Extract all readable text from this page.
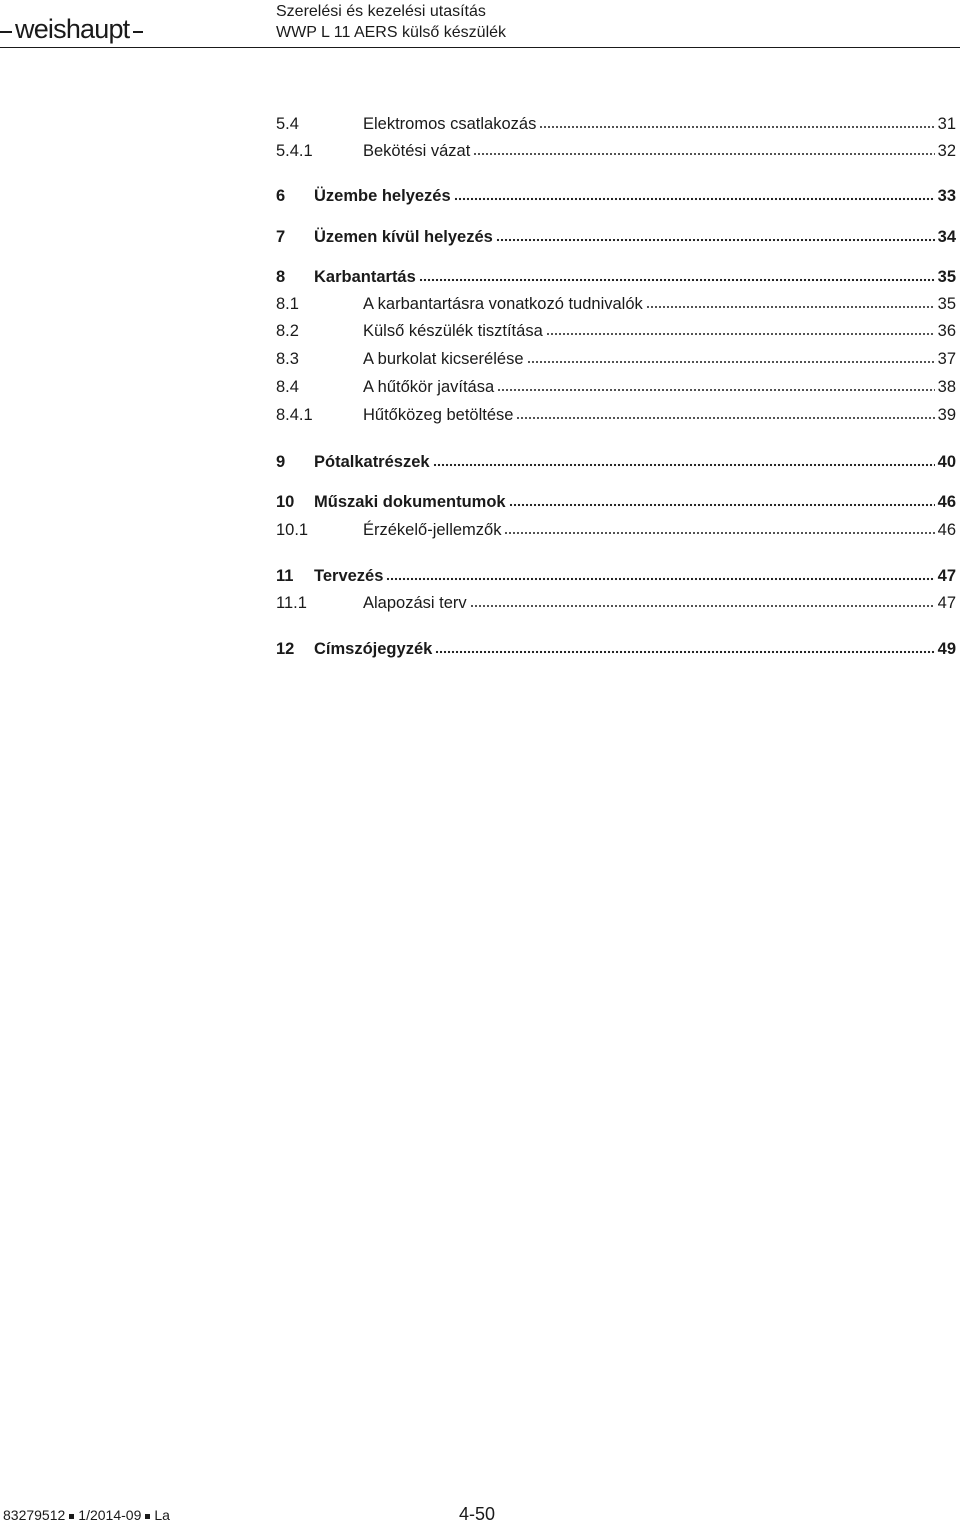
weishaupt
Szerelési és kezelési utasítás
WWP L 11 AERS külső készülék
5.4	Elektromos csatlakozás	31
5.4.1	Bekötési vázat	32
6	Üzembe helyezés	33
7	Üzemen kívül helyezés	34
8	Karbantartás	35
8.1	A karbantartásra vonatkozó tudnivalók	35
8.2	Külső készülék tisztítása	36
8.3	A burkolat kicserélése	37
8.4	A hűtőkör javítása	38
8.4.1	Hűtőközeg betöltése	39
9	Pótalkatrészek	40
10	Műszaki dokumentumok	46
10.1	Érzékelő-jellemzők	46
11	Tervezés	47
11.1	Alapozási terv	47
12	Címszójegyzék	49
83279512 1/2014-09 La	4-50
